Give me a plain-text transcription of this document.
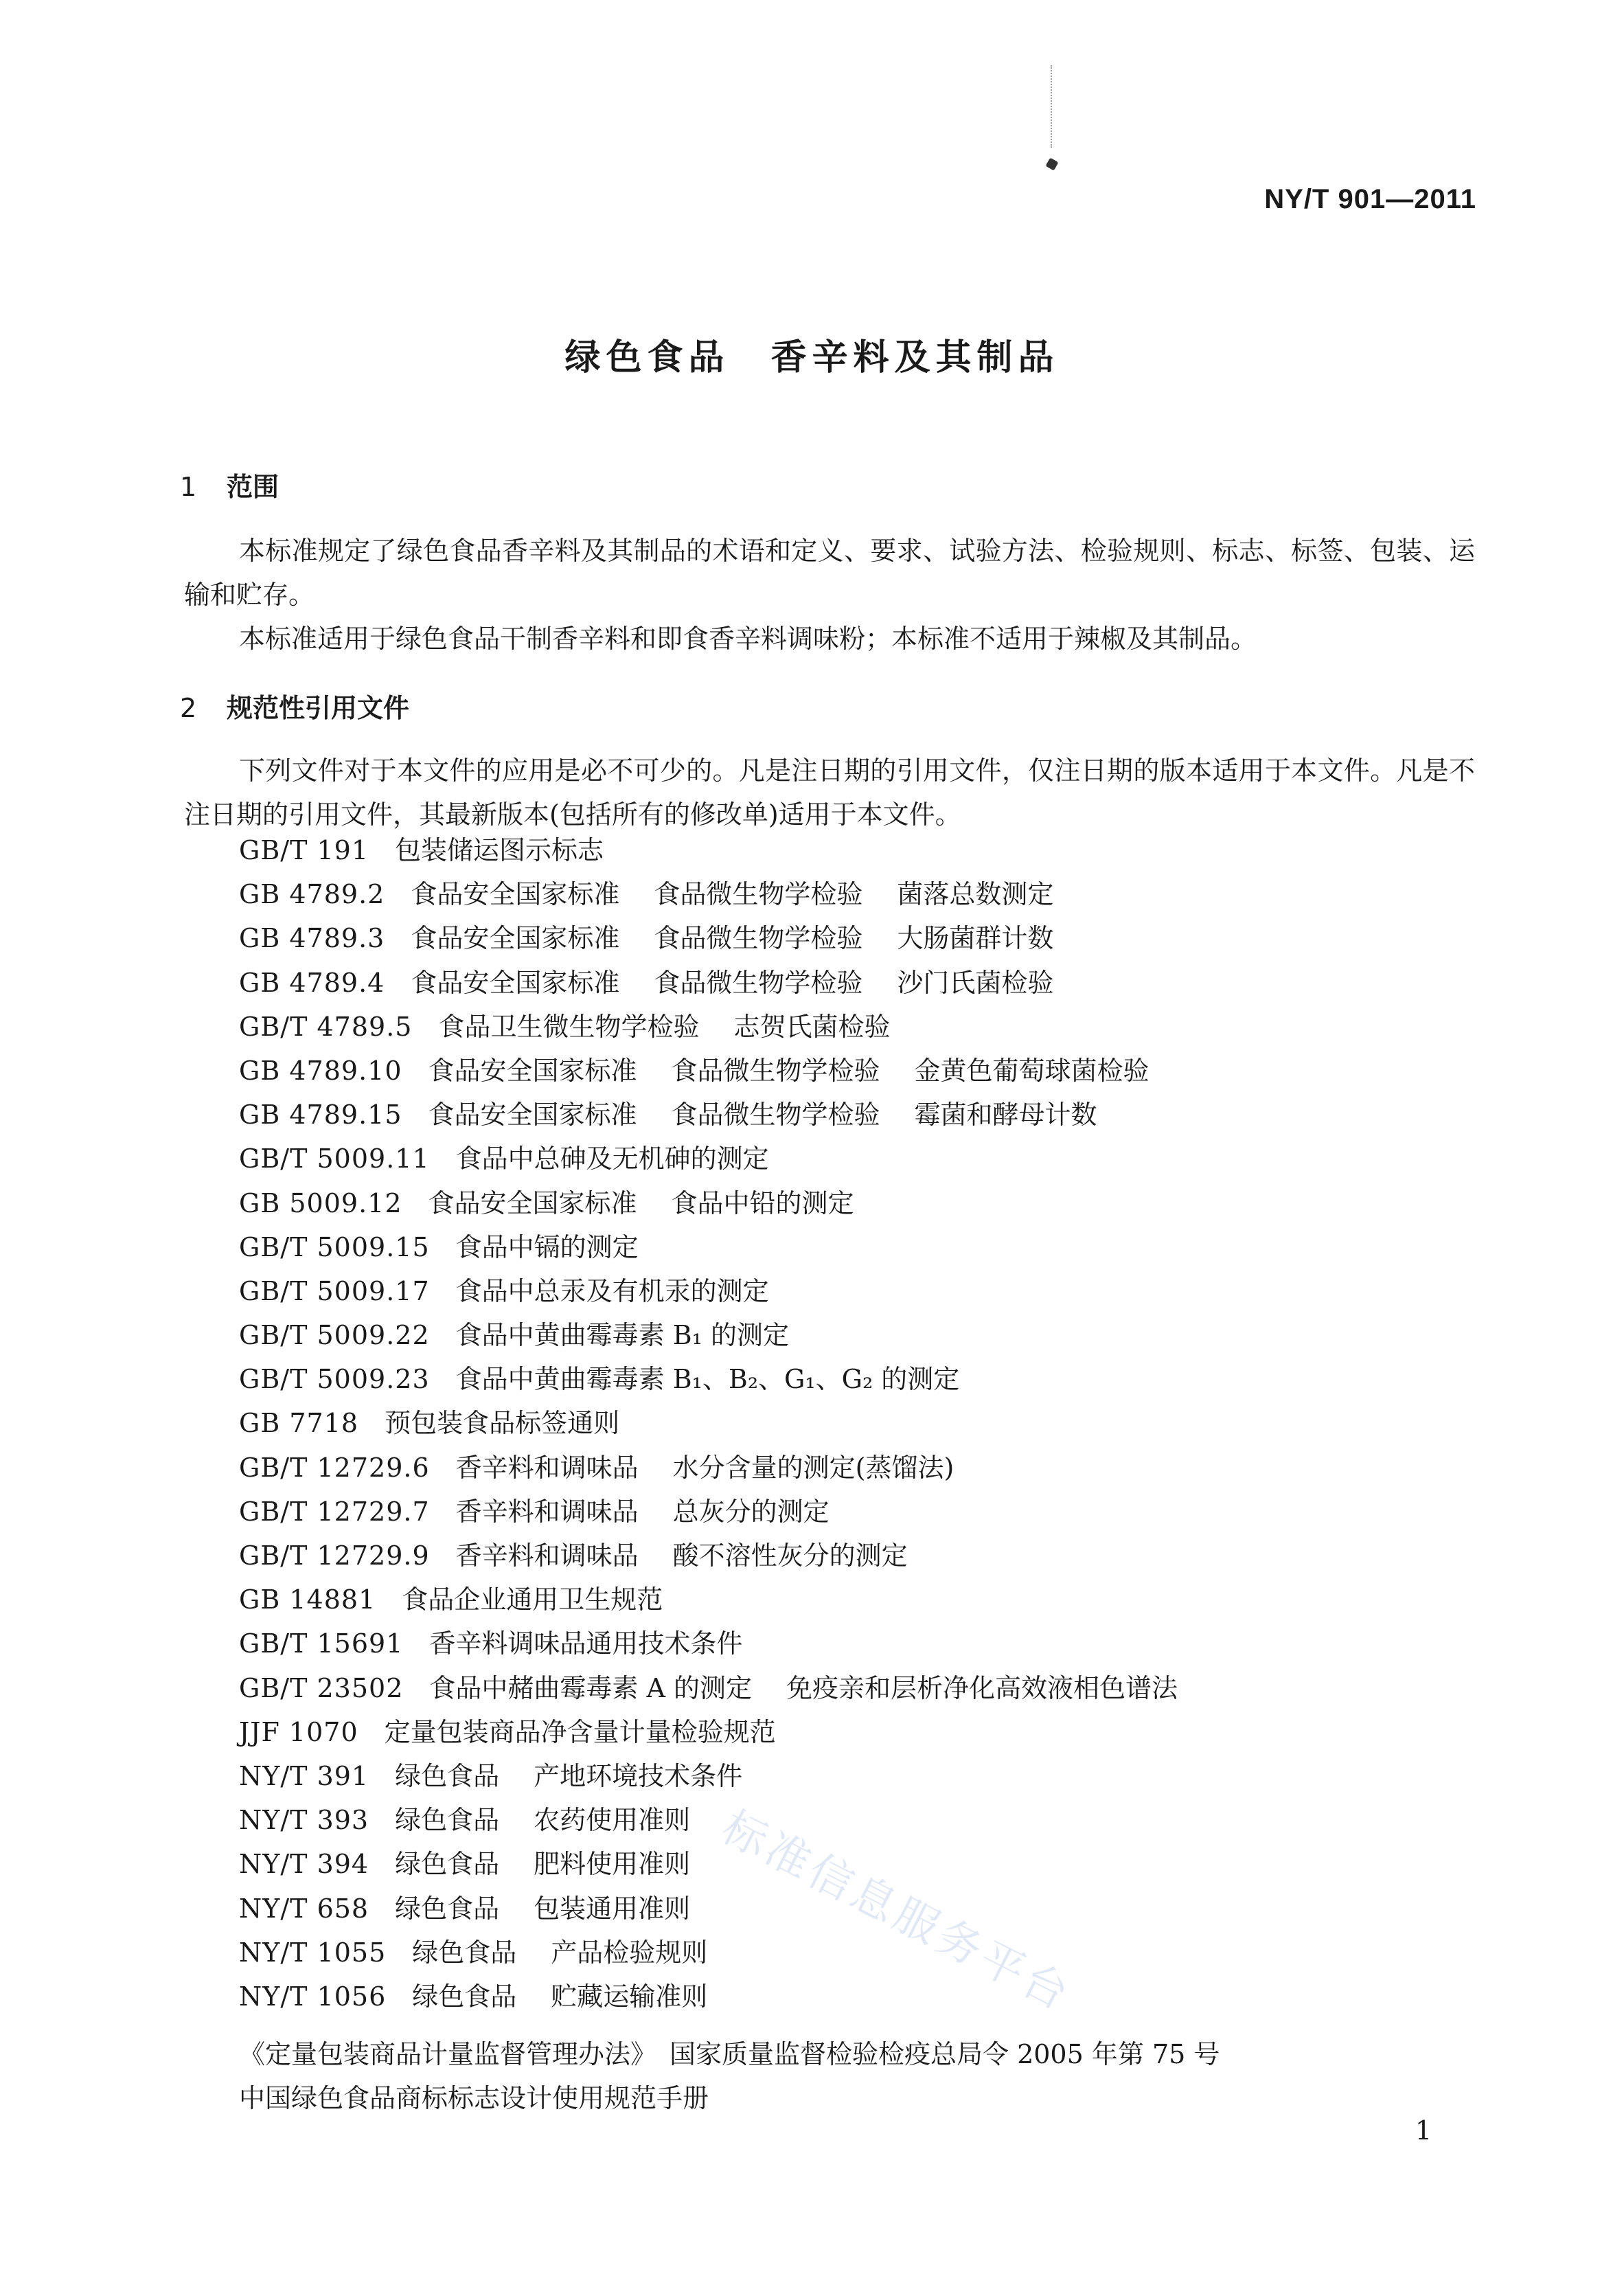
NY/T 901—2011
绿色食品　香辛料及其制品
1 范围
本标准规定了绿色食品香辛料及其制品的术语和定义、要求、试验方法、检验规则、标志、标签、包装、运输和贮存。
本标准适用于绿色食品干制香辛料和即食香辛料调味粉；本标准不适用于辣椒及其制品。
2 规范性引用文件
下列文件对于本文件的应用是必不可少的。凡是注日期的引用文件，仅注日期的版本适用于本文件。凡是不注日期的引用文件，其最新版本(包括所有的修改单)适用于本文件。
GB/T 191 包装储运图示标志
GB 4789.2 食品安全国家标准 食品微生物学检验 菌落总数测定
GB 4789.3 食品安全国家标准 食品微生物学检验 大肠菌群计数
GB 4789.4 食品安全国家标准 食品微生物学检验 沙门氏菌检验
GB/T 4789.5 食品卫生微生物学检验 志贺氏菌检验
GB 4789.10 食品安全国家标准 食品微生物学检验 金黄色葡萄球菌检验
GB 4789.15 食品安全国家标准 食品微生物学检验 霉菌和酵母计数
GB/T 5009.11 食品中总砷及无机砷的测定
GB 5009.12 食品安全国家标准 食品中铅的测定
GB/T 5009.15 食品中镉的测定
GB/T 5009.17 食品中总汞及有机汞的测定
GB/T 5009.22 食品中黄曲霉毒素 B₁ 的测定
GB/T 5009.23 食品中黄曲霉毒素 B₁、B₂、G₁、G₂ 的测定
GB 7718 预包装食品标签通则
GB/T 12729.6 香辛料和调味品 水分含量的测定(蒸馏法)
GB/T 12729.7 香辛料和调味品 总灰分的测定
GB/T 12729.9 香辛料和调味品 酸不溶性灰分的测定
GB 14881 食品企业通用卫生规范
GB/T 15691 香辛料调味品通用技术条件
GB/T 23502 食品中赭曲霉毒素 A 的测定 免疫亲和层析净化高效液相色谱法
JJF 1070 定量包装商品净含量计量检验规范
NY/T 391 绿色食品 产地环境技术条件
NY/T 393 绿色食品 农药使用准则
NY/T 394 绿色食品 肥料使用准则
NY/T 658 绿色食品 包装通用准则
NY/T 1055 绿色食品 产品检验规则
NY/T 1056 绿色食品 贮藏运输准则
《定量包装商品计量监督管理办法》　国家质量监督检验检疫总局令 2005 年第 75 号
中国绿色食品商标标志设计使用规范手册
标准信息服务平台
1
